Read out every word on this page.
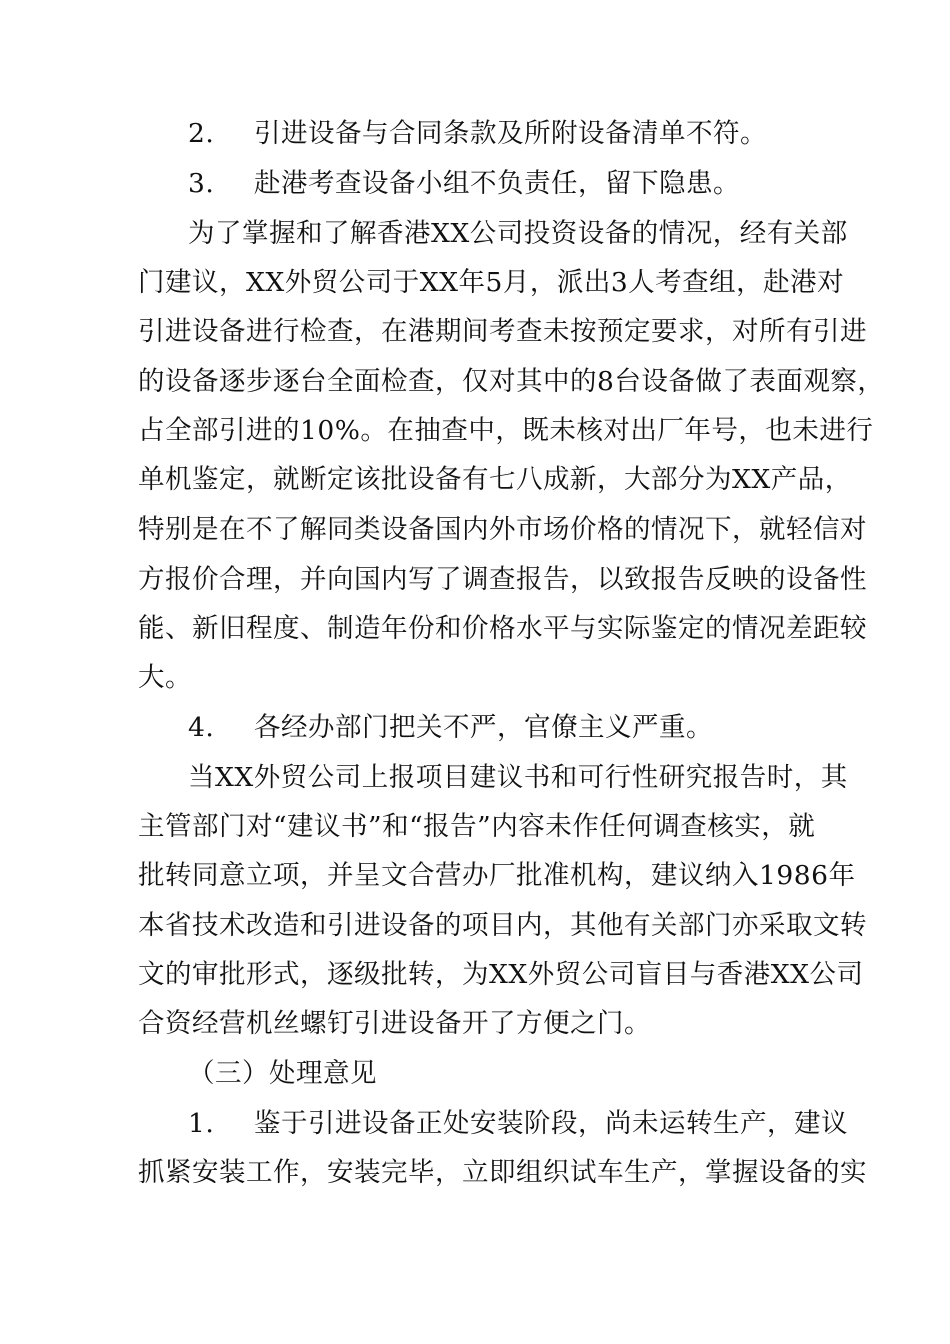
2. 引进设备与合同条款及所附设备清单不符。
3. 赴港考查设备小组不负责任，留下隐患。
为了掌握和了解香港XX公司投资设备的情况，经有关部
门建议，XX外贸公司于XX年5月，派出3人考查组，赴港对
引进设备进行检查，在港期间考查未按预定要求，对所有引进
的设备逐步逐台全面检查，仅对其中的8台设备做了表面观察，
占全部引进的10%。在抽查中，既未核对出厂年号，也未进行
单机鉴定，就断定该批设备有七八成新，大部分为XX产品，
特别是在不了解同类设备国内外市场价格的情况下，就轻信对
方报价合理，并向国内写了调查报告，以致报告反映的设备性
能、新旧程度、制造年份和价格水平与实际鉴定的情况差距较
大。
4. 各经办部门把关不严，官僚主义严重。
当XX外贸公司上报项目建议书和可行性研究报告时，其
主管部门对“建议书”和“报告”内容未作任何调查核实，就
批转同意立项，并呈文合营办厂批准机构，建议纳入1986年
本省技术改造和引进设备的项目内，其他有关部门亦采取文转
文的审批形式，逐级批转，为XX外贸公司盲目与香港XX公司
合资经营机丝螺钉引进设备开了方便之门。
（三）处理意见
1. 鉴于引进设备正处安装阶段，尚未运转生产，建议
抓紧安装工作，安装完毕，立即组织试车生产，掌握设备的实
